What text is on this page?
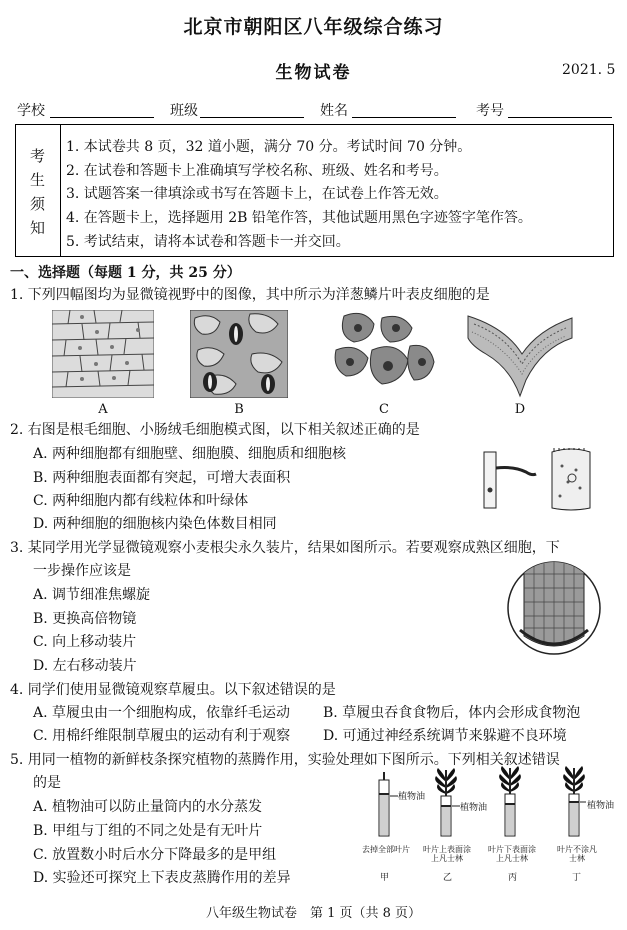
北京市朝阳区八年级综合练习
生物试卷	2021. 5
学校	班级	姓名	考号
考
生
须
知
1. 本试卷共 8 页，32 道小题，满分 70 分。考试时间 70 分钟。
2. 在试卷和答题卡上准确填写学校名称、班级、姓名和考号。
3. 试题答案一律填涂或书写在答题卡上，在试卷上作答无效。
4. 在答题卡上，选择题用 2B 铅笔作答，其他试题用黑色字迹签字笔作答。
5. 考试结束，请将本试卷和答题卡一并交回。
一、选择题（每题 1 分，共 25 分）
1. 下列四幅图均为显微镜视野中的图像，其中所示为洋葱鳞片叶表皮细胞的是
A	B	C	D
2. 右图是根毛细胞、小肠绒毛细胞模式图，以下相关叙述正确的是
A. 两种细胞都有细胞壁、细胞膜、细胞质和细胞核
B. 两种细胞表面都有突起，可增大表面积
C. 两种细胞内都有线粒体和叶绿体
D. 两种细胞的细胞核内染色体数目相同
3. 某同学用光学显微镜观察小麦根尖永久装片，结果如图所示。若要观察成熟区细胞，下
一步操作应该是
A. 调节细准焦螺旋
B. 更换高倍物镜
C. 向上移动装片
D. 左右移动装片
4. 同学们使用显微镜观察草履虫。以下叙述错误的是
A. 草履虫由一个细胞构成，依靠纤毛运动 B. 草履虫吞食食物后，体内会形成食物泡
C. 用棉纤维限制草履虫的运动有利于观察 D. 可通过神经系统调节来躲避不良环境
5. 用同一植物的新鲜枝条探究植物的蒸腾作用，实验处理如下图所示。下列相关叙述错误
的是
A. 植物油可以防止量筒内的水分蒸发
B. 甲组与丁组的不同之处是有无叶片
C. 放置数小时后水分下降最多的是甲组
D. 实验还可探究上下表皮蒸腾作用的差异
植物油
植物油	植物油
去掉全部叶片	叶片上表面涂上凡士林
叶片下表面涂上凡士林
叶片不涂凡士林
甲	乙	丙	丁
八年级生物试卷　第 1 页（共 8 页）
